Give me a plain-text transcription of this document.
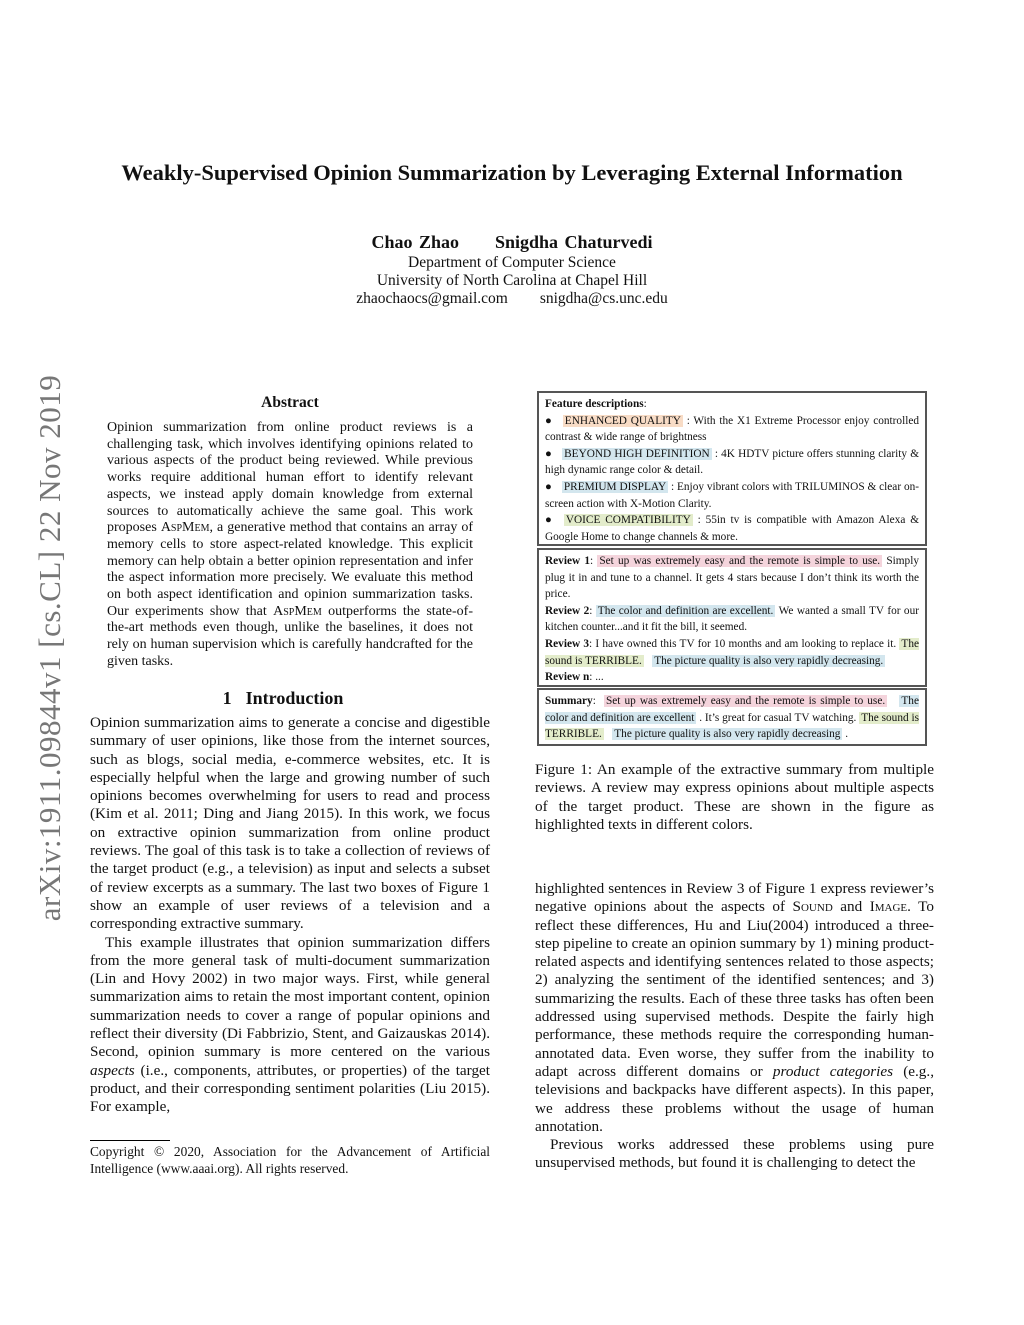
arXiv:1911.09844v1 [cs.CL] 22 Nov 2019
Weakly-Supervised Opinion Summarization by Leveraging External Information
Chao Zhao Snigdha Chaturvedi
Department of Computer Science
University of North Carolina at Chapel Hill
zhaochaocs@gmail.com snigdha@cs.unc.edu
Abstract
Opinion summarization from online product reviews is a challenging task, which involves identifying opinions related to various aspects of the product being reviewed. While previous works require additional human effort to identify relevant aspects, we instead apply domain knowledge from external sources to automatically achieve the same goal. This work proposes AspMem, a generative method that contains an array of memory cells to store aspect-related knowledge. This explicit memory can help obtain a better opinion representation and infer the aspect information more precisely. We evaluate this method on both aspect identification and opinion summarization tasks. Our experiments show that AspMem outperforms the state-of-the-art methods even though, unlike the baselines, it does not rely on human supervision which is carefully handcrafted for the given tasks.
1 Introduction

Opinion summarization aims to generate a concise and digestible summary of user opinions, like those from the internet sources, such as blogs, social media, e-commerce websites, etc. It is especially helpful when the large and growing number of such opinions becomes overwhelming for users to read and process (Kim et al. 2011; Ding and Jiang 2015). In this work, we focus on extractive opinion summarization from online product reviews. The goal of this task is to take a collection of reviews of the target product (e.g., a television) as input and selects a subset of review excerpts as a summary. The last two boxes of Figure 1 show an example of user reviews of a television and a corresponding extractive summary.

This example illustrates that opinion summarization differs from the more general task of multi-document summarization (Lin and Hovy 2002) in two major ways. First, while general summarization aims to retain the most important content, opinion summarization needs to cover a range of popular opinions and reflect their diversity (Di Fabbrizio, Stent, and Gaizauskas 2014). Second, opinion summary is more centered on the various aspects (i.e., components, attributes, or properties) of the target product, and their corresponding sentiment polarities (Liu 2015). For example,

Copyright © 2020, Association for the Advancement of Artificial Intelligence (www.aaai.org). All rights reserved.
Feature descriptions:
● ENHANCED QUALITY : With the X1 Extreme Processor enjoy controlled contrast & wide range of brightness
● BEYOND HIGH DEFINITION : 4K HDTV picture offers stunning clarity & high dynamic range color & detail.
● PREMIUM DISPLAY : Enjoy vibrant colors with TRILUMINOS & clear on-screen action with X-Motion Clarity.
● VOICE COMPATIBILITY : 55in tv is compatible with Amazon Alexa & Google Home to change channels & more.
Review 1: Set up was extremely easy and the remote is simple to use. Simply plug it in and tune to a channel. It gets 4 stars because I don’t think its worth the price.
Review 2: The color and definition are excellent. We wanted a small TV for our kitchen counter...and it fit the bill, it seemed.
Review 3: I have owned this TV for 10 months and am looking to replace it. The sound is TERRIBLE. The picture quality is also very rapidly decreasing.
Review n: ...
Summary:  Set up was extremely easy and the remote is simple to use. The color and definition are excellent . It’s great for casual TV watching. The sound is TERRIBLE. The picture quality is also very rapidly decreasing .
Figure 1: An example of the extractive summary from multiple reviews. A review may express opinions about multiple aspects of the target product. These are shown in the figure as highlighted texts in different colors.

highlighted sentences in Review 3 of Figure 1 express reviewer’s negative opinions about the aspects of Sound and Image. To reflect these differences, Hu and Liu(2004) introduced a three-step pipeline to create an opinion summary by 1) mining product-related aspects and identifying sentences related to those aspects; 2) analyzing the sentiment of the identified sentences; and 3) summarizing the results. Each of these three tasks has often been addressed using supervised methods. Despite the fairly high performance, these methods require the corresponding human-annotated data. Even worse, they suffer from the inability to adapt across different domains or product categories (e.g., televisions and backpacks have different aspects). In this paper, we address these problems without the usage of human annotation.

Previous works addressed these problems using pure unsupervised methods, but found it is challenging to detect the
